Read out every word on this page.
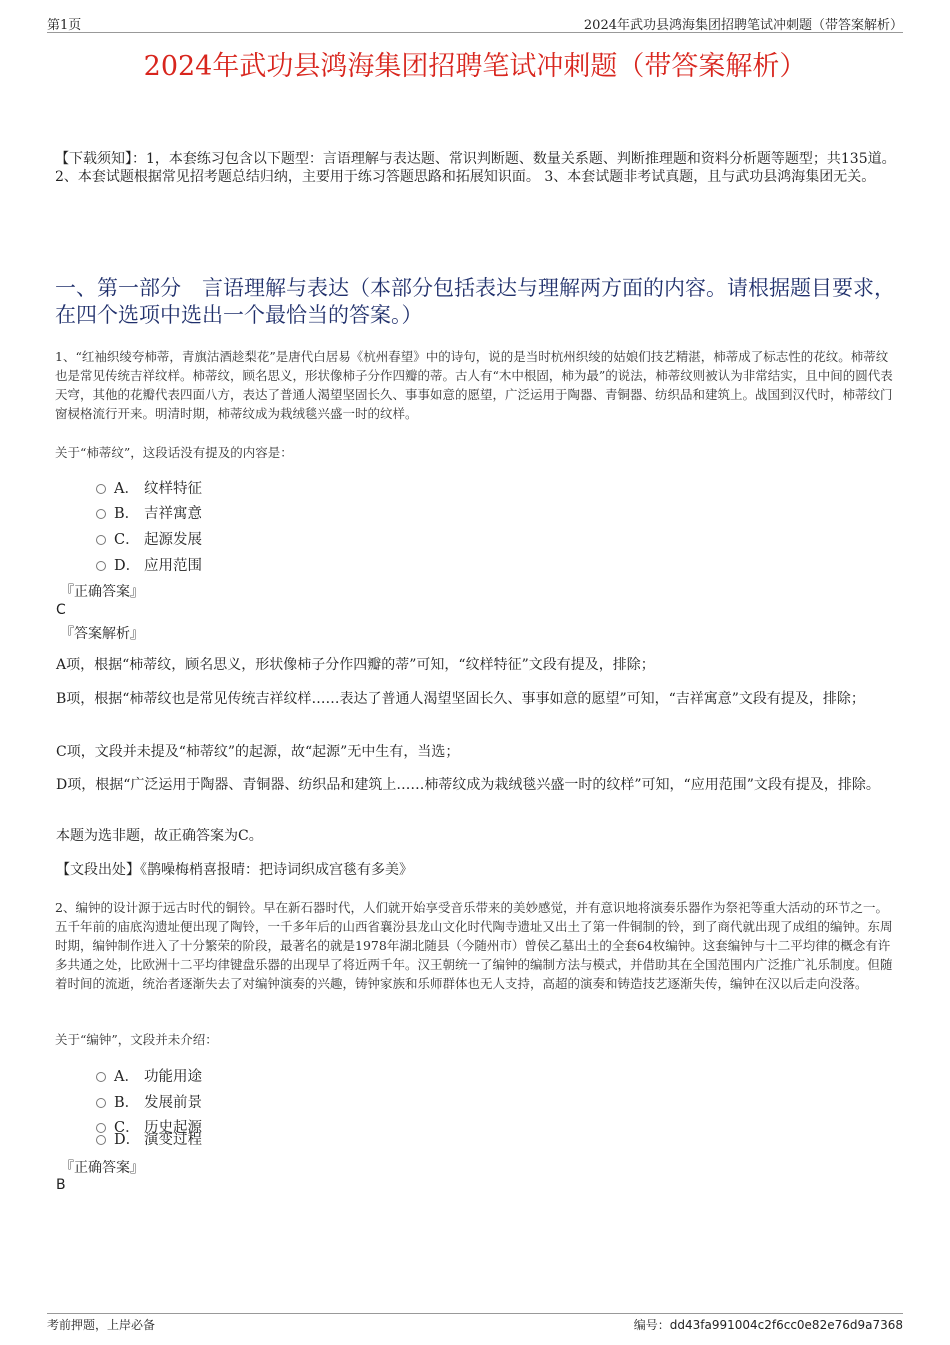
第1页	2024年武功县鸿海集团招聘笔试冲刺题（带答案解析）
2024年武功县鸿海集团招聘笔试冲刺题（带答案解析）
【下载须知】：1，本套练习包含以下题型：言语理解与表达题、常识判断题、数量关系题、判断推理题和资料分析题等题型；共135道。 2、本套试题根据常见招考题总结归纳，主要用于练习答题思路和拓展知识面。 3、本套试题非考试真题，且与武功县鸿海集团无关。
一、第一部分　言语理解与表达（本部分包括表达与理解两方面的内容。请根据题目要求，在四个选项中选出一个最恰当的答案。）
1、“红袖织绫夸柿蒂，青旗沽酒趁梨花”是唐代白居易《杭州春望》中的诗句，说的是当时杭州织绫的姑娘们技艺精湛，柿蒂成了标志性的花纹。柿蒂纹也是常见传统吉祥纹样。柿蒂纹，顾名思义，形状像柿子分作四瓣的蒂。古人有“木中根固，柿为最”的说法，柿蒂纹则被认为非常结实，且中间的圆代表天穹，其他的花瓣代表四面八方，表达了普通人渴望坚固长久、事事如意的愿望，广泛运用于陶器、青铜器、纺织品和建筑上。战国到汉代时，柿蒂纹门窗棂格流行开来。明清时期，柿蒂纹成为栽绒毯兴盛一时的纹样。
关于“柿蒂纹”，这段话没有提及的内容是：
A． 纹样特征
B． 吉祥寓意
C． 起源发展
D． 应用范围
『正确答案』
C
『答案解析』
A项，根据“柿蒂纹，顾名思义，形状像柿子分作四瓣的蒂”可知，“纹样特征”文段有提及，排除；
B项，根据“柿蒂纹也是常见传统吉祥纹样……表达了普通人渴望坚固长久、事事如意的愿望”可知，“吉祥寓意”文段有提及，排除；
C项，文段并未提及“柿蒂纹”的起源，故“起源”无中生有，当选；
D项，根据“广泛运用于陶器、青铜器、纺织品和建筑上……柿蒂纹成为栽绒毯兴盛一时的纹样”可知，“应用范围”文段有提及，排除。
本题为选非题，故正确答案为C。
【文段出处】《鹊噪梅梢喜报晴：把诗词织成宫毯有多美》
2、编钟的设计源于远古时代的铜铃。早在新石器时代，人们就开始享受音乐带来的美妙感觉，并有意识地将演奏乐器作为祭祀等重大活动的环节之一。五千年前的庙底沟遗址便出现了陶铃，一千多年后的山西省襄汾县龙山文化时代陶寺遗址又出土了第一件铜制的铃，到了商代就出现了成组的编钟。东周时期，编钟制作进入了十分繁荣的阶段，最著名的就是1978年湖北随县（今随州市）曾侯乙墓出土的全套64枚编钟。这套编钟与十二平均律的概念有许多共通之处，比欧洲十二平均律键盘乐器的出现早了将近两千年。汉王朝统一了编钟的编制方法与模式，并借助其在全国范围内广泛推广礼乐制度。但随着时间的流逝，统治者逐渐失去了对编钟演奏的兴趣，铸钟家族和乐师群体也无人支持，高超的演奏和铸造技艺逐渐失传，编钟在汉以后走向没落。
关于“编钟”，文段并未介绍：
A． 功能用途
B． 发展前景
C． 历史起源
D． 演变过程
『正确答案』
B
考前押题，上岸必备	编号：dd43fa991004c2f6cc0e82e76d9a7368
